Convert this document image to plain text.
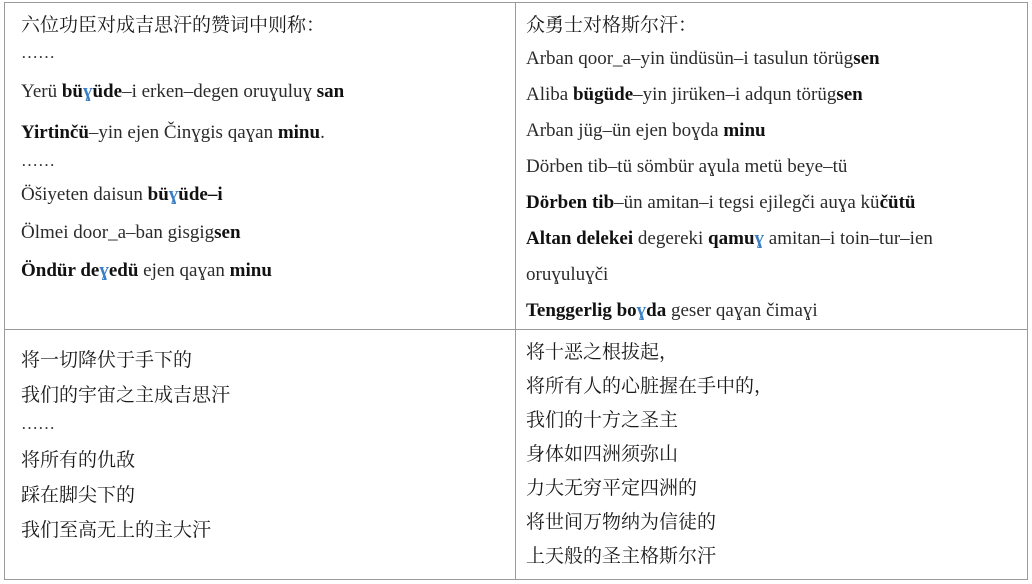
六位功臣对成吉思汗的赞词中则称：

……

Yerü büɣüde–i erken–degen oruɣuluɣ san

Yirtinčü–yin ejen Činɣgis qaɣan minu.

……

Öšiyeten daisun büɣüde–i

Ölmei door_a–ban gisgigsen

Öndür deɣedü ejen qaɣan minu

众勇士对格斯尔汗：

Arban qoor_a–yin ündüsün–i tasulun törügsen

Aliba bügüde–yin jirüken–i adqun törügsen

Arban jüg–ün ejen boɣda minu

Dörben tib–tü sömbür aɣula metü beye–tü

Dörben tib–ün amitan–i tegsi ejilegči auɣa küčütü

Altan delekei degereki qamuɣ amitan–i toin–tur–ien

oruɣuluɣči

Tenggerlig boɣda geser qaɣan čimaɣi

将一切降伏于手下的

我们的宇宙之主成吉思汗

……

将所有的仇敌

踩在脚尖下的

我们至高无上的主大汗

将十恶之根拔起，

将所有人的心脏握在手中的，

我们的十方之圣主

身体如四洲须弥山

力大无穷平定四洲的

将世间万物纳为信徒的

上天般的圣主格斯尔汗
